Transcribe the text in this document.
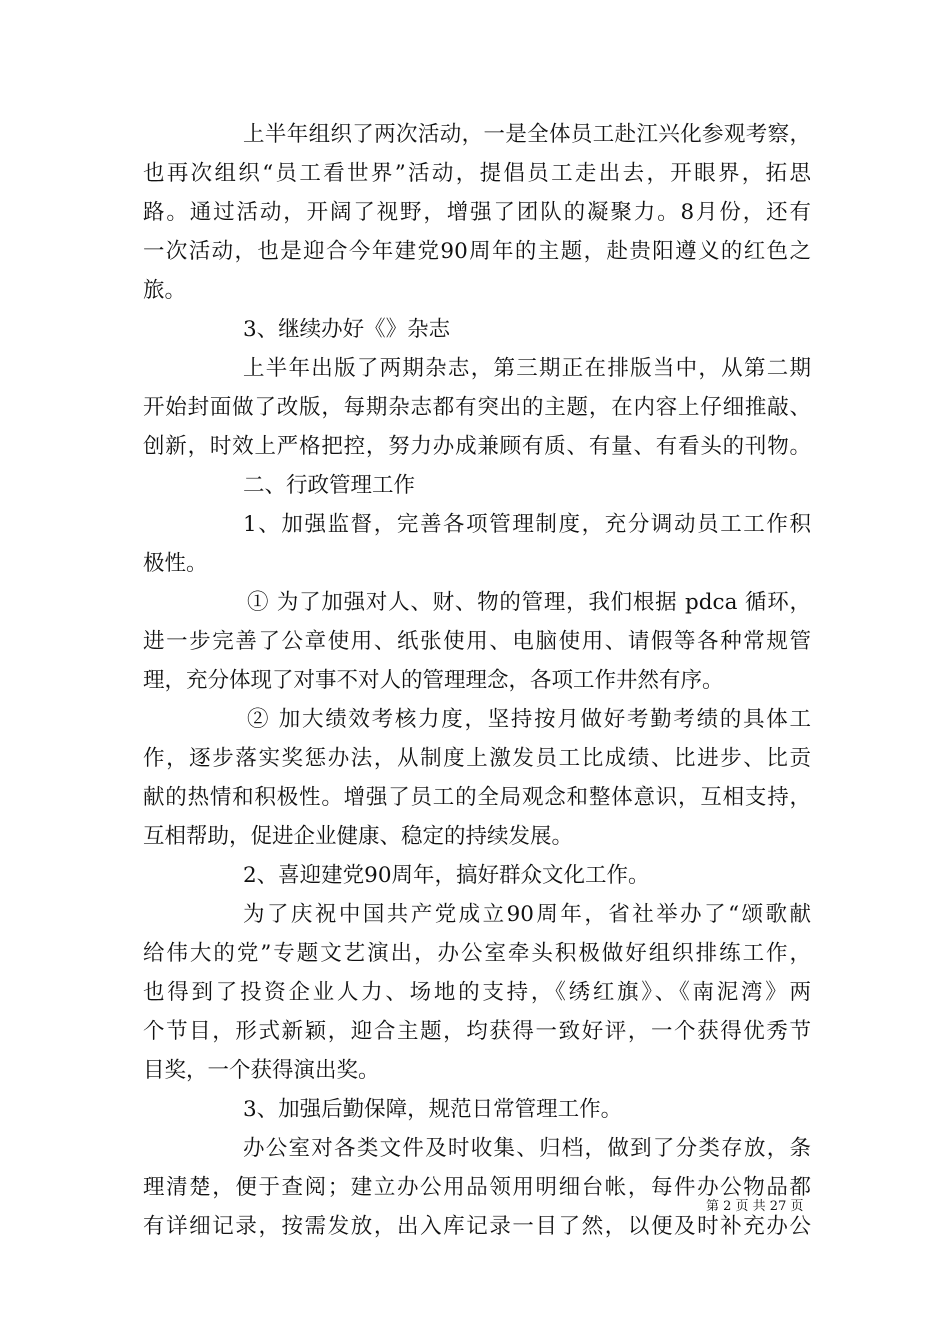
上半年组织了两次活动，一是全体员工赴江兴化参观考察，
也再次组织“员工看世界”活动，提倡员工走出去，开眼界，拓思
路。通过活动，开阔了视野，增强了团队的凝聚力。8月份，还有
一次活动，也是迎合今年建党90周年的主题，赴贵阳遵义的红色之
旅。
3、继续办好《》杂志
上半年出版了两期杂志，第三期正在排版当中，从第二期
开始封面做了改版，每期杂志都有突出的主题，在内容上仔细推敲、
创新，时效上严格把控，努力办成兼顾有质、有量、有看头的刊物。
二、行政管理工作
1、加强监督，完善各项管理制度，充分调动员工工作积
极性。
① 为了加强对人、财、物的管理，我们根据 pdca 循环，
进一步完善了公章使用、纸张使用、电脑使用、请假等各种常规管
理，充分体现了对事不对人的管理理念，各项工作井然有序。
② 加大绩效考核力度，坚持按月做好考勤考绩的具体工
作，逐步落实奖惩办法，从制度上激发员工比成绩、比进步、比贡
献的热情和积极性。增强了员工的全局观念和整体意识，互相支持，
互相帮助，促进企业健康、稳定的持续发展。
2、喜迎建党90周年，搞好群众文化工作。
为了庆祝中国共产党成立90周年，省社举办了“颂歌献
给伟大的党”专题文艺演出，办公室牵头积极做好组织排练工作，
也得到了投资企业人力、场地的支持，《绣红旗》、《南泥湾》两
个节目，形式新颖，迎合主题，均获得一致好评，一个获得优秀节
目奖，一个获得演出奖。
3、加强后勤保障，规范日常管理工作。
办公室对各类文件及时收集、归档，做到了分类存放，条
理清楚，便于查阅；建立办公用品领用明细台帐，每件办公物品都
有详细记录，按需发放，出入库记录一目了然，以便及时补充办公
第 2 页 共 27 页
